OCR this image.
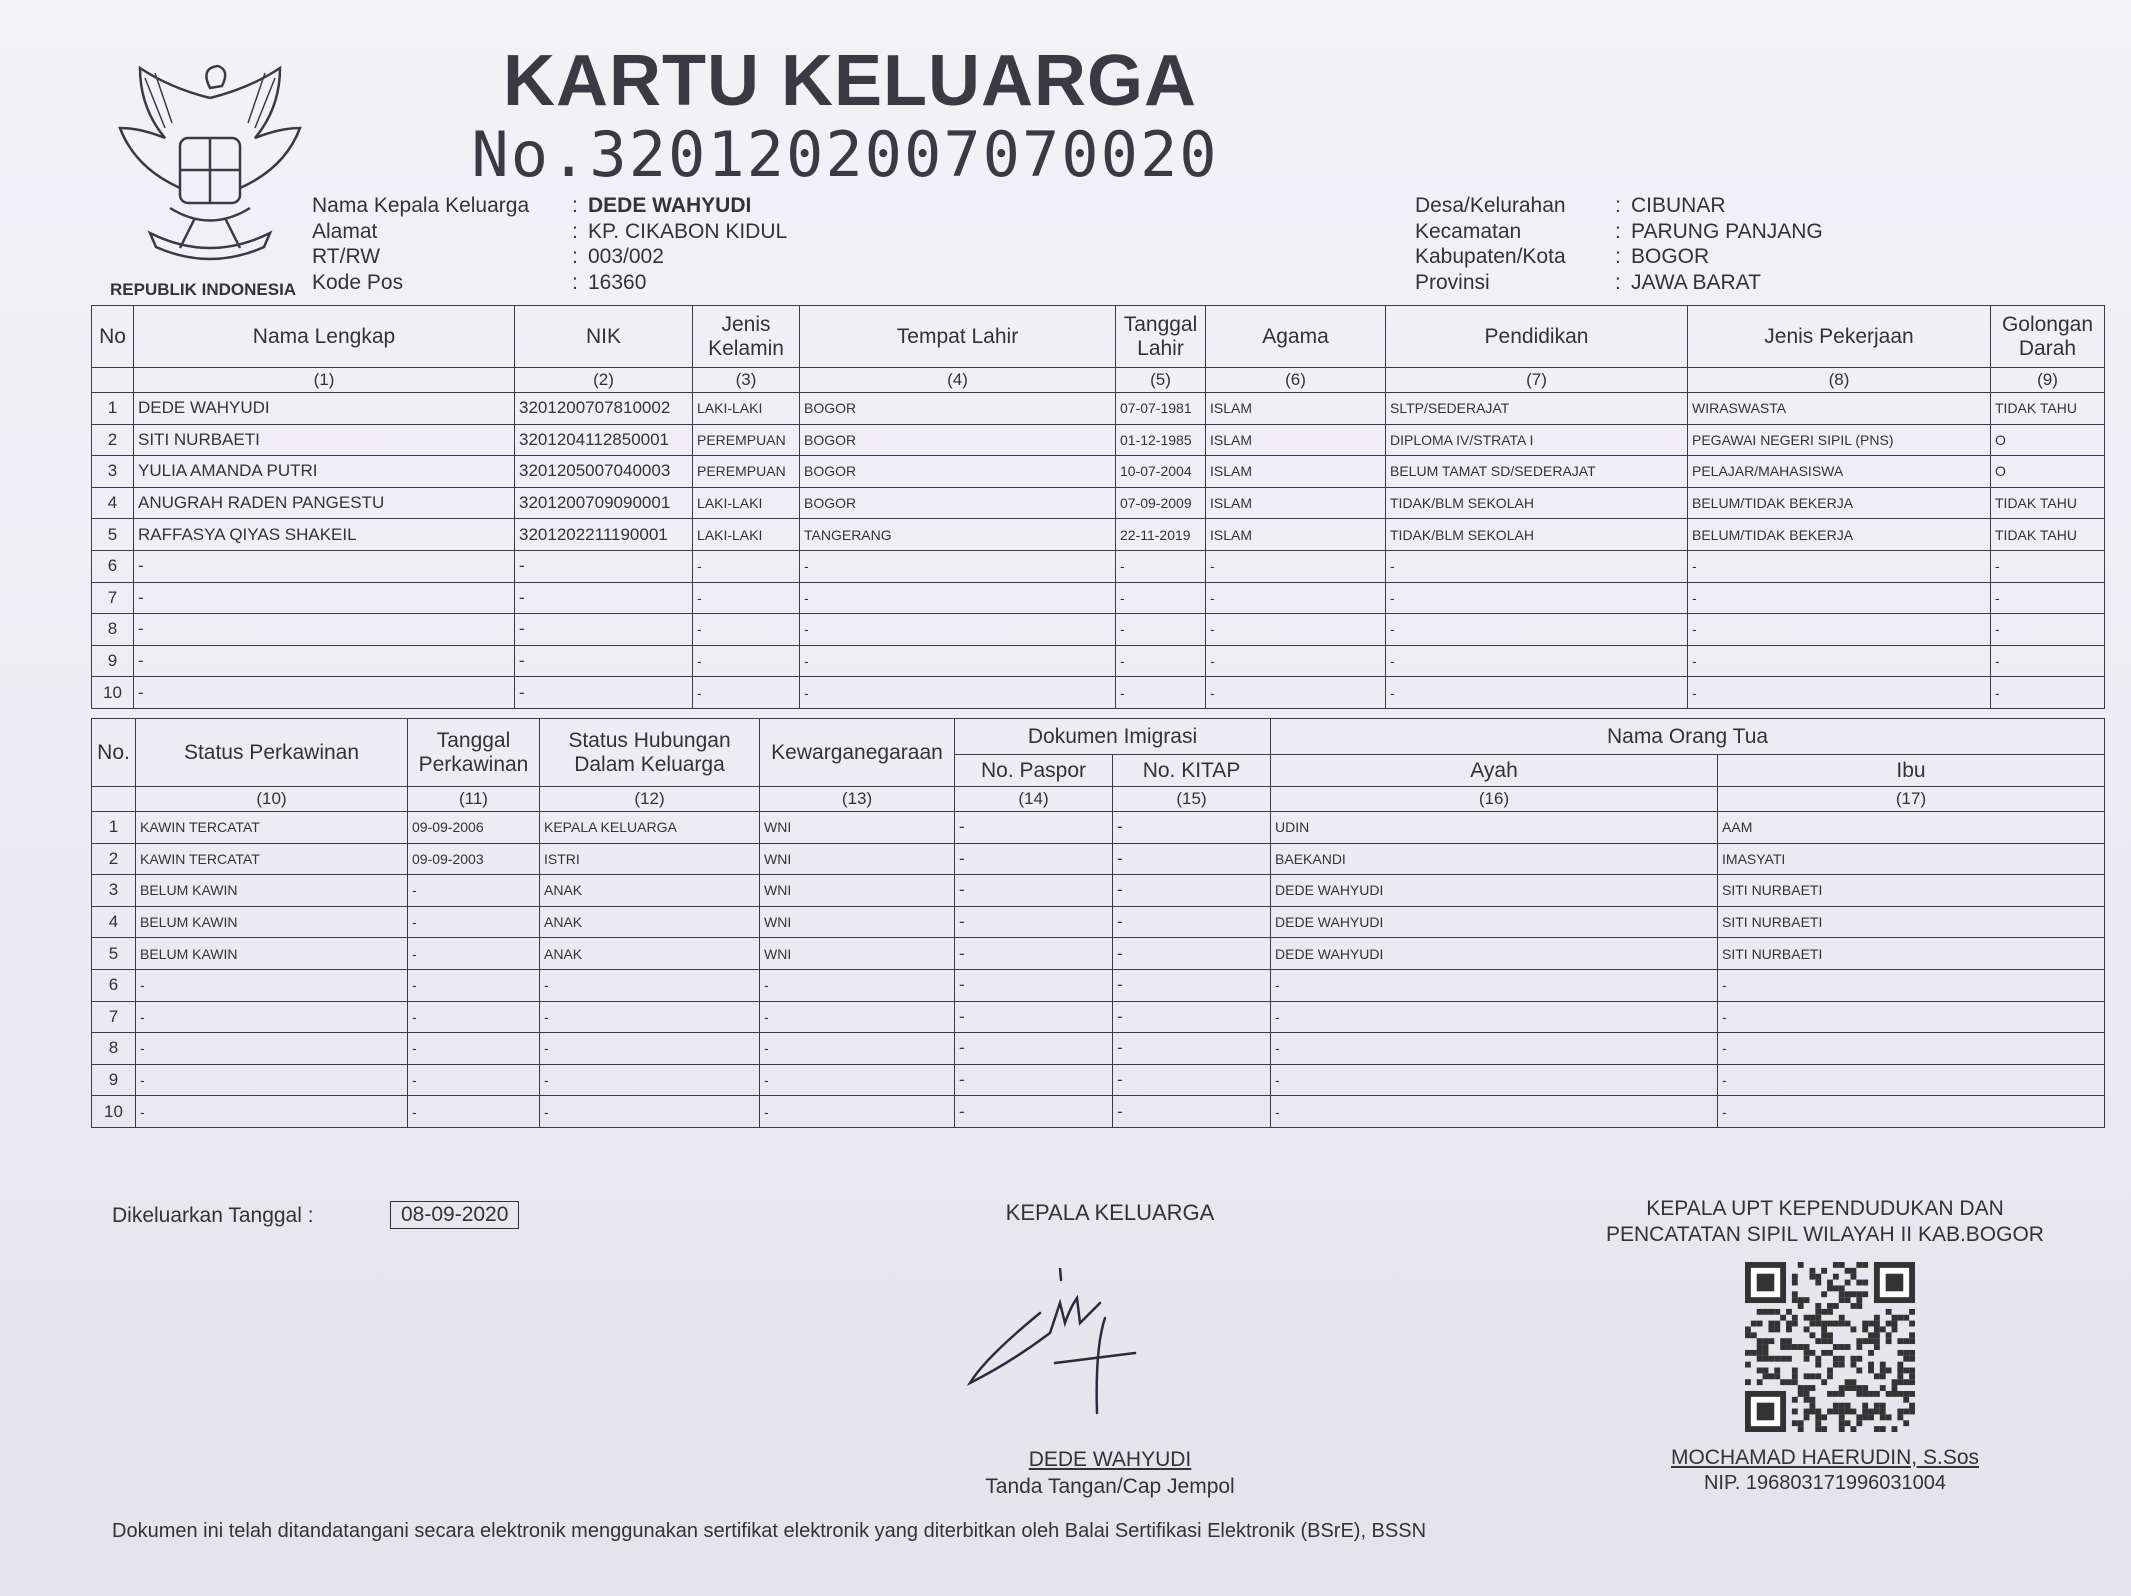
REPUBLIK INDONESIA
KARTU KELUARGA
No.3201202007070020
Nama Kepala Keluarga	: DEDE WAHYUDI
Alamat	: KP. CIKABON KIDUL
RT/RW	: 003/002
Kode Pos	: 16360
Desa/Kelurahan	: CIBUNAR
Kecamatan	: PARUNG PANJANG
Kabupaten/Kota	: BOGOR
Provinsi	: JAWA BARAT
No	Nama Lengkap	NIK	Jenis Kelamin	Tempat Lahir	Tanggal Lahir	Agama	Pendidikan	Jenis Pekerjaan	Golongan Darah
	(1)	(2)	(3)	(4)	(5)	(6)	(7)	(8)	(9)
1	DEDE WAHYUDI	3201200707810002	LAKI-LAKI	BOGOR	07-07-1981	ISLAM	SLTP/SEDERAJAT	WIRASWASTA	TIDAK TAHU
2	SITI NURBAETI	3201204112850001	PEREMPUAN	BOGOR	01-12-1985	ISLAM	DIPLOMA IV/STRATA I	PEGAWAI NEGERI SIPIL (PNS)	O
3	YULIA AMANDA PUTRI	3201205007040003	PEREMPUAN	BOGOR	10-07-2004	ISLAM	BELUM TAMAT SD/SEDERAJAT	PELAJAR/MAHASISWA	O
4	ANUGRAH RADEN PANGESTU	3201200709090001	LAKI-LAKI	BOGOR	07-09-2009	ISLAM	TIDAK/BLM SEKOLAH	BELUM/TIDAK BEKERJA	TIDAK TAHU
5	RAFFASYA QIYAS SHAKEIL	3201202211190001	LAKI-LAKI	TANGERANG	22-11-2019	ISLAM	TIDAK/BLM SEKOLAH	BELUM/TIDAK BEKERJA	TIDAK TAHU
6	-	-	-	-	-	-	-	-	-
7	-	-	-	-	-	-	-	-	-
8	-	-	-	-	-	-	-	-	-
9	-	-	-	-	-	-	-	-	-
10	-	-	-	-	-	-	-	-	-
No.	Status Perkawinan	Tanggal Perkawinan	Status Hubungan Dalam Keluarga	Kewarganegaraan	Dokumen Imigrasi		Nama Orang Tua	
					No. Paspor	No. KITAP	Ayah	Ibu
	(10)	(11)	(12)	(13)	(14)	(15)	(16)	(17)
1	KAWIN TERCATAT	09-09-2006	KEPALA KELUARGA	WNI	-	-	UDIN	AAM
2	KAWIN TERCATAT	09-09-2003	ISTRI	WNI	-	-	BAEKANDI	IMASYATI
3	BELUM KAWIN	-	ANAK	WNI	-	-	DEDE WAHYUDI	SITI NURBAETI
4	BELUM KAWIN	-	ANAK	WNI	-	-	DEDE WAHYUDI	SITI NURBAETI
5	BELUM KAWIN	-	ANAK	WNI	-	-	DEDE WAHYUDI	SITI NURBAETI
6	-	-	-	-	-	-	-	-
7	-	-	-	-	-	-	-	-
8	-	-	-	-	-	-	-	-
9	-	-	-	-	-	-	-	-
10	-	-	-	-	-	-	-	-
Dikeluarkan Tanggal :	08-09-2020	KEPALA KELUARGA
DEDE WAHYUDI
Tanda Tangan/Cap Jempol
KEPALA UPT KEPENDUDUKAN DAN
PENCATATAN SIPIL WILAYAH II KAB.BOGOR
MOCHAMAD HAERUDIN, S.Sos
NIP. 196803171996031004
Dokumen ini telah ditandatangani secara elektronik menggunakan sertifikat elektronik yang diterbitkan oleh Balai Sertifikasi Elektronik (BSrE), BSSN
